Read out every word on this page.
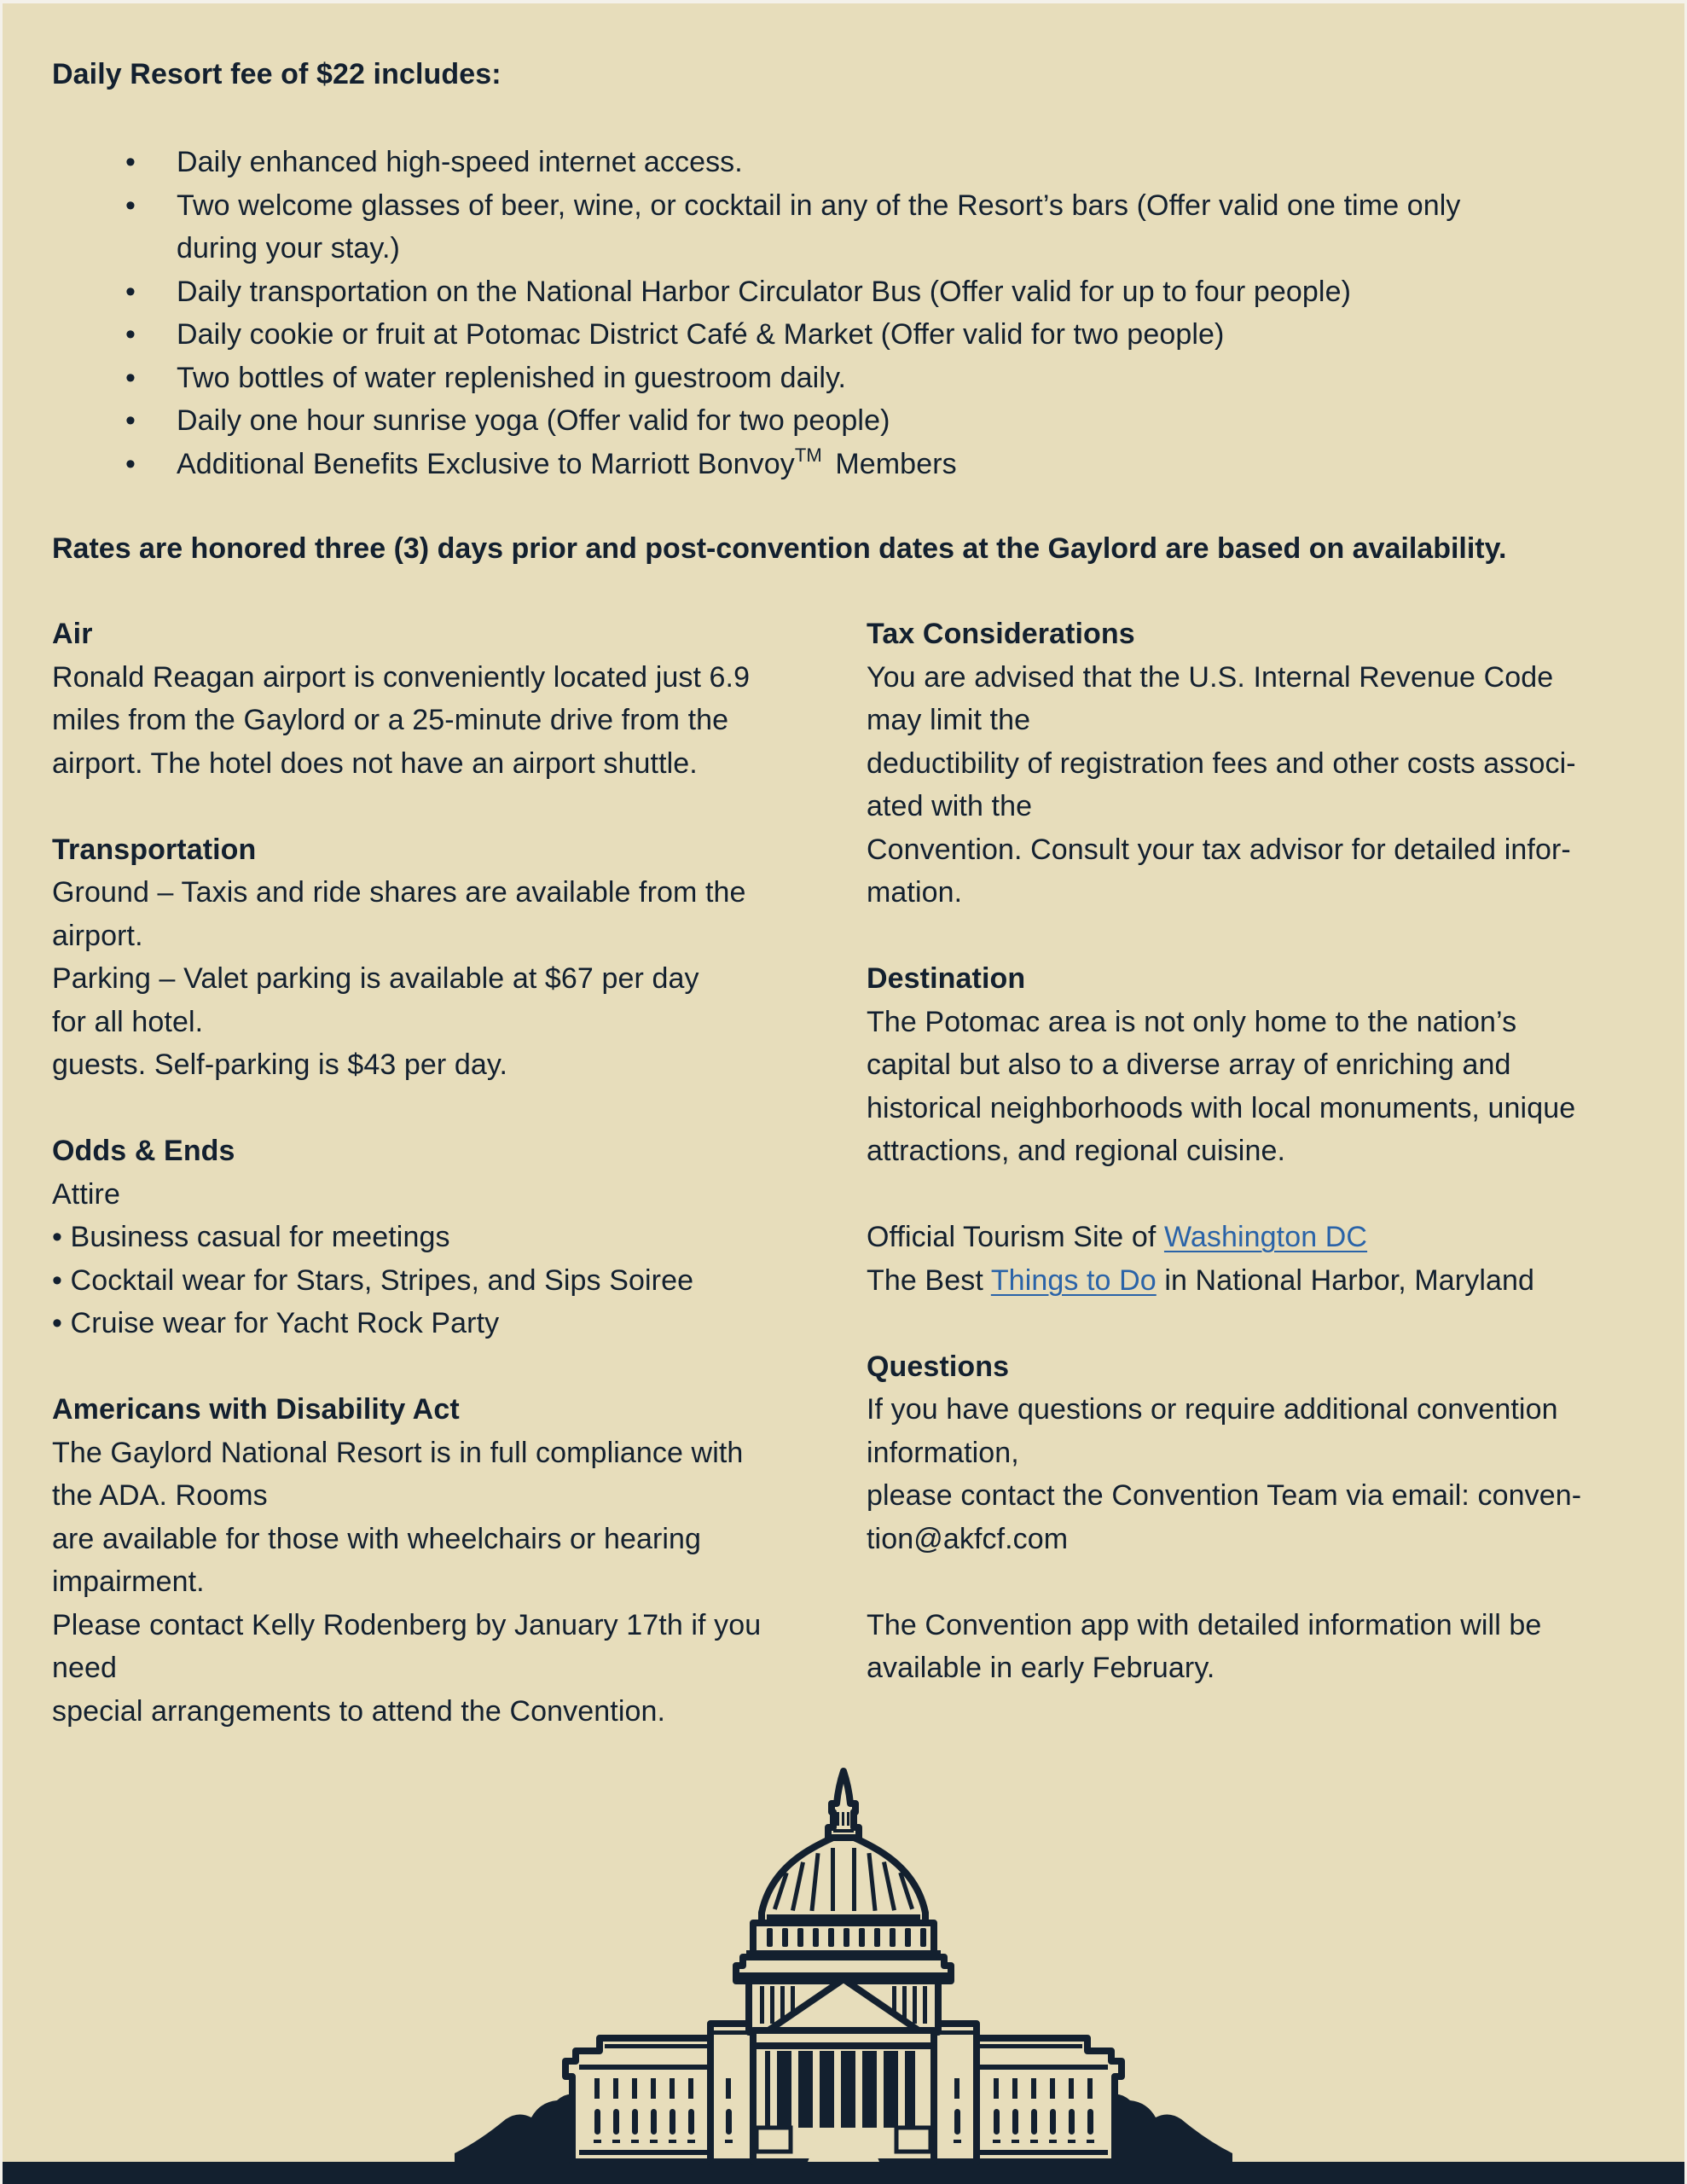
Daily Resort fee of $22 includes:
• Daily enhanced high-speed internet access.
• Two welcome glasses of beer, wine, or cocktail in any of the Resort’s bars (Offer valid one time only
during your stay.)
• Daily transportation on the National Harbor Circulator Bus (Offer valid for up to four people)
• Daily cookie or fruit at Potomac District Café & Market (Offer valid for two people)
• Two bottles of water replenished in guestroom daily.
• Daily one hour sunrise yoga (Offer valid for two people)
• Additional Benefits Exclusive to Marriott Bonvoy™ Members
Rates are honored three (3) days prior and post-convention dates at the Gaylord are based on availability.
Air

Ronald Reagan airport is conveniently located just 6.9
miles from the Gaylord or a 25-minute drive from the
airport. The hotel does not have an airport shuttle.

Transportation

Ground – Taxis and ride shares are available from the
airport.
Parking – Valet parking is available at $67 per day
for all hotel.
guests. Self-parking is $43 per day.

Odds & Ends

Attire
• Business casual for meetings
• Cocktail wear for Stars, Stripes, and Sips Soiree
• Cruise wear for Yacht Rock Party

Americans with Disability Act

The Gaylord National Resort is in full compliance with
the ADA. Rooms
are available for those with wheelchairs or hearing
impairment.
Please contact Kelly Rodenberg by January 17th if you
need
special arrangements to attend the Convention.

Tax Considerations

You are advised that the U.S. Internal Revenue Code
may limit the
deductibility of registration fees and other costs associ-
ated with the
Convention. Consult your tax advisor for detailed infor-
mation.

Destination

The Potomac area is not only home to the nation’s
capital but also to a diverse array of enriching and
historical neighborhoods with local monuments, unique
attractions, and regional cuisine.
Official Tourism Site of Washington DC
The Best Things to Do in National Harbor, Maryland

Questions

If you have questions or require additional convention
information,
please contact the Convention Team via email: conven-
tion@akfcf.com
The Convention app with detailed information will be
available in early February.
